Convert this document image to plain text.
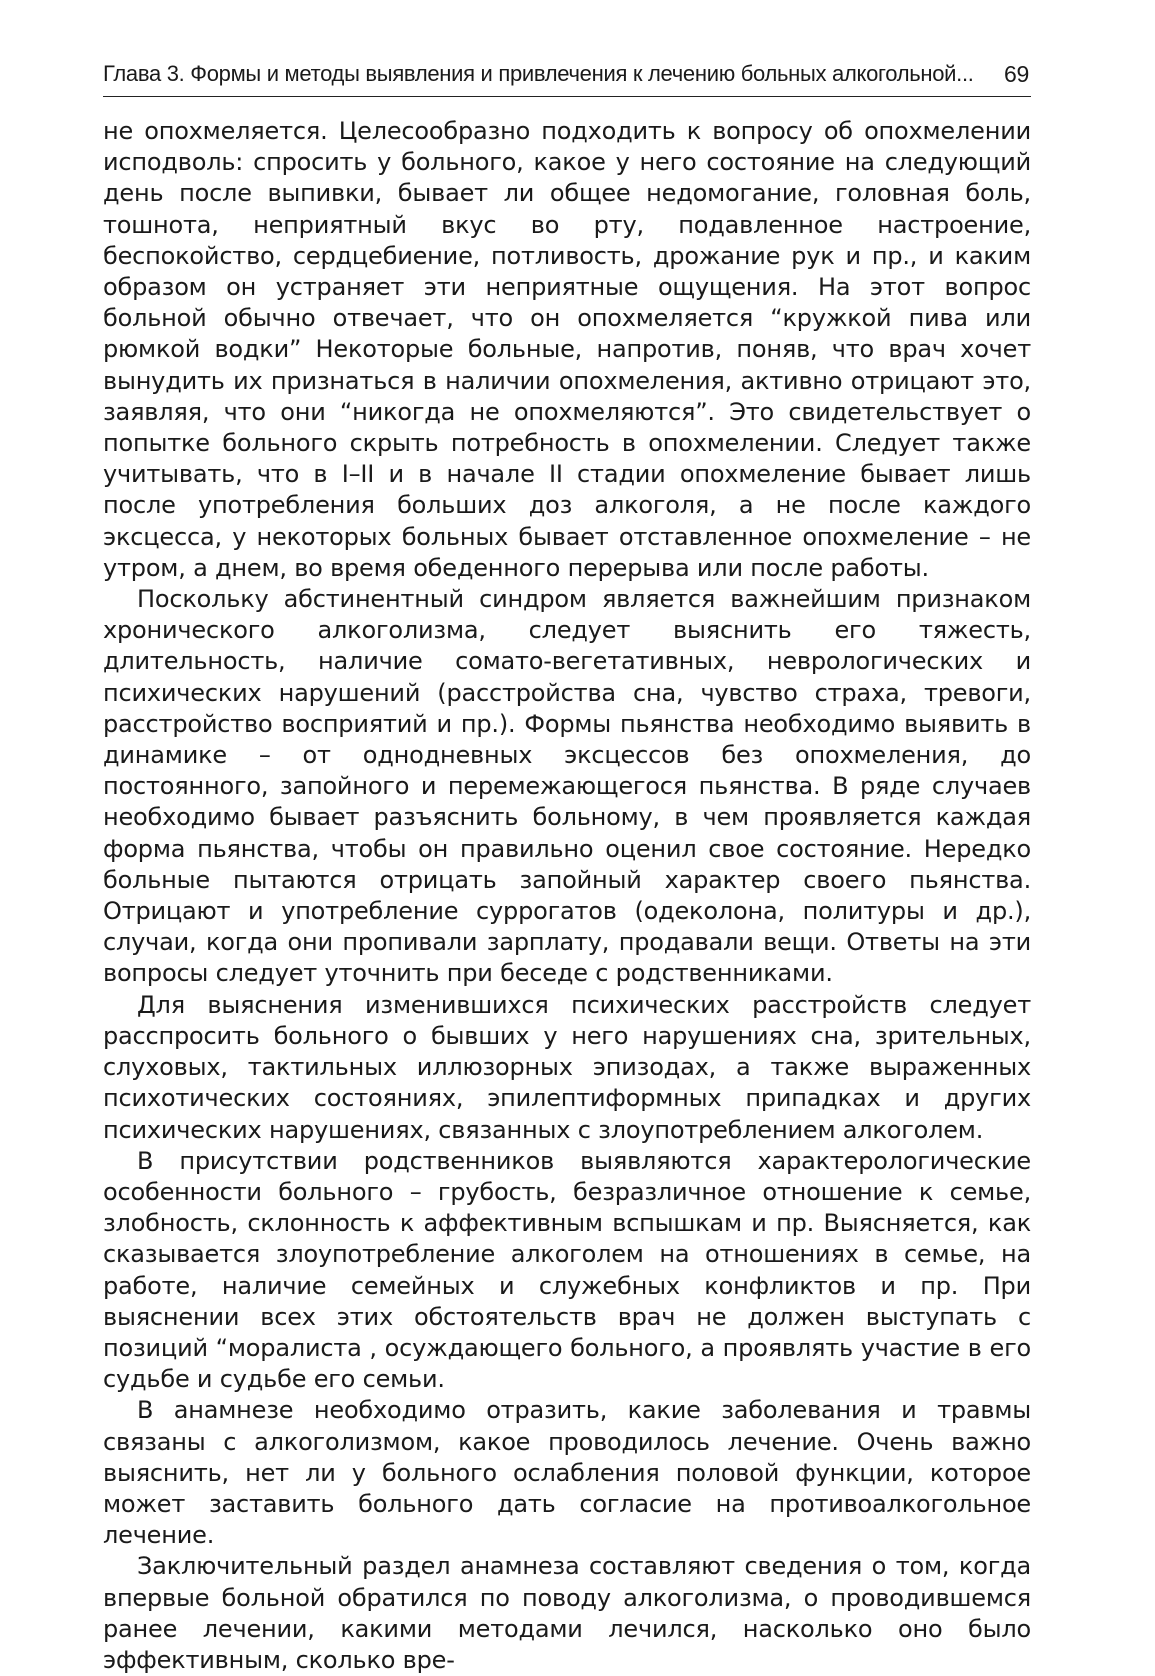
Глава 3. Формы и методы выявления и привлечения к лечению больных алкогольной... 69

не опохмеляется. Целесообразно подходить к вопросу об опохмелении исподволь: спросить у больного, какое у него состояние на следующий день после выпивки, бывает ли общее недомогание, головная боль, тошнота, неприятный вкус во рту, подавленное настроение, беспокойство, сердцебиение, потливость, дрожание рук и пр., и каким образом он устраняет эти неприятные ощущения. На этот вопрос больной обычно отвечает, что он опохмеляется “кружкой пива или рюмкой водки” Некоторые больные, напротив, поняв, что врач хочет вынудить их признаться в наличии опохмеления, активно отрицают это, заявляя, что они “никогда не опохмеляются”. Это свидетельствует о попытке больного скрыть потребность в опохмелении. Следует также учитывать, что в I–II и в начале II стадии опохмеление бывает лишь после употребления больших доз алкоголя, а не после каждого эксцесса, у некоторых больных бывает отставленное опохмеление – не утром, а днем, во время обеденного перерыва или после работы.

Поскольку абстинентный синдром является важнейшим признаком хронического алкоголизма, следует выяснить его тяжесть, длительность, наличие сомато-вегетативных, неврологических и психических нарушений (расстройства сна, чувство страха, тревоги, расстройство восприятий и пр.). Формы пьянства необходимо выявить в динамике – от однодневных эксцессов без опохмеления, до постоянного, запойного и перемежающегося пьянства. В ряде случаев необходимо бывает разъяснить больному, в чем проявляется каждая форма пьянства, чтобы он правильно оценил свое состояние. Нередко больные пытаются отрицать запойный характер своего пьянства. Отрицают и употребление суррогатов (одеколона, политуры и др.), случаи, когда они пропивали зарплату, продавали вещи. Ответы на эти вопросы следует уточнить при беседе с родственниками.

Для выяснения изменившихся психических расстройств следует расспросить больного о бывших у него нарушениях сна, зрительных, слуховых, тактильных иллюзорных эпизодах, а также выраженных психотических состояниях, эпилептиформных припадках и других психических нарушениях, связанных с злоупотреблением алкоголем.

В присутствии родственников выявляются характерологические особенности больного – грубость, безразличное отношение к семье, злобность, склонность к аффективным вспышкам и пр. Выясняется, как сказывается злоупотребление алкоголем на отношениях в семье, на работе, наличие семейных и служебных конфликтов и пр. При выяснении всех этих обстоятельств врач не должен выступать с позиций “моралиста , осуждающего больного, а проявлять участие в его судьбе и судьбе его семьи.

В анамнезе необходимо отразить, какие заболевания и травмы связаны с алкоголизмом, какое проводилось лечение. Очень важно выяснить, нет ли у больного ослабления половой функции, которое может заставить больного дать согласие на противоалкогольное лечение.

Заключительный раздел анамнеза составляют сведения о том, когда впервые больной обратился по поводу алкоголизма, о проводившемся ранее лечении, какими методами лечился, насколько оно было эффективным, сколько вре-
